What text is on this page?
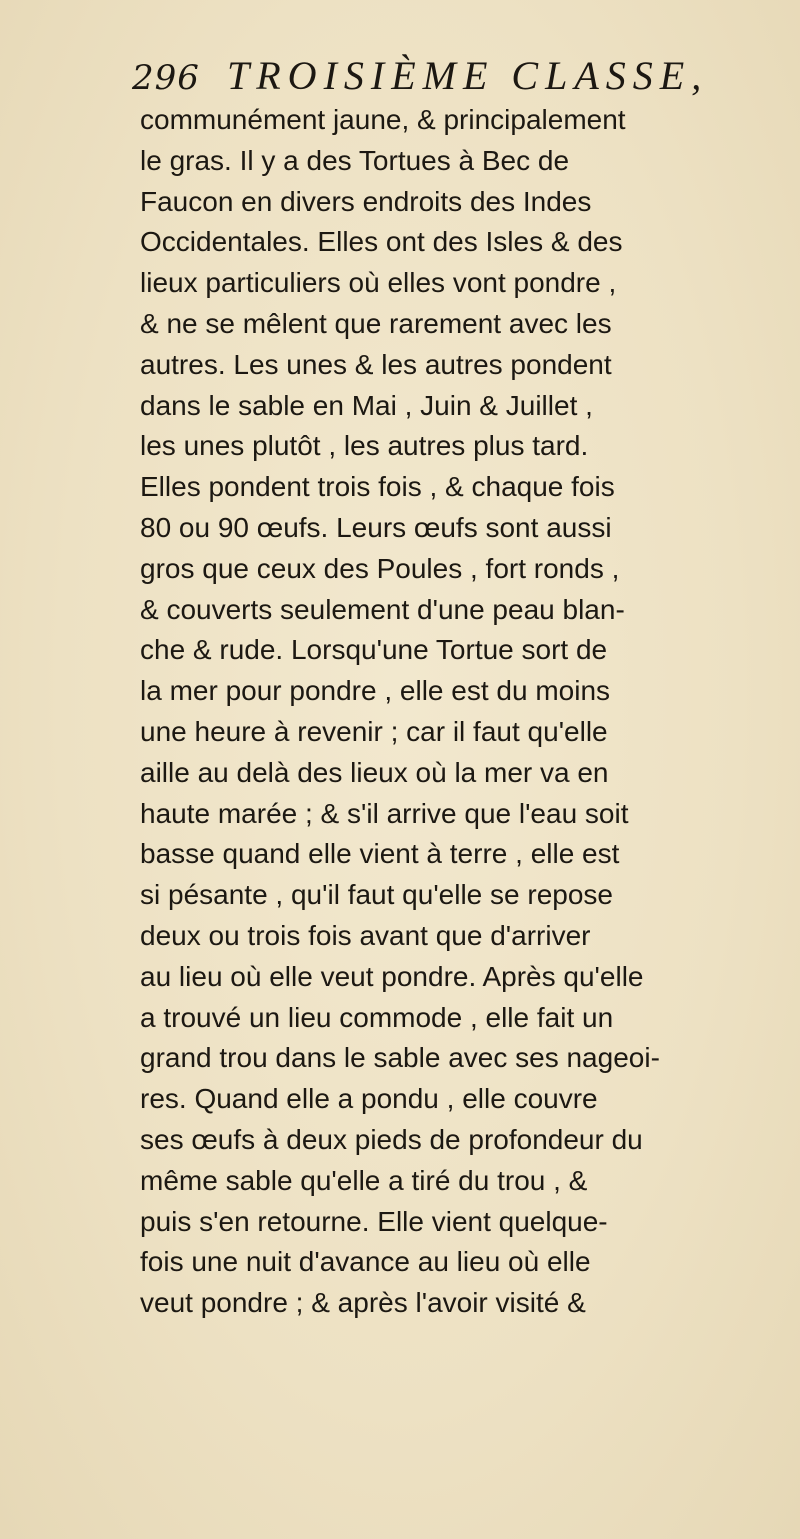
296 TROISIÈME CLASSE,
communément jaune, & principalement
le gras. Il y a des Tortues à Bec de
Faucon en divers endroits des Indes
Occidentales. Elles ont des Isles & des
lieux particuliers où elles vont pondre ,
& ne se mêlent que rarement avec les
autres. Les unes & les autres pondent
dans le sable en Mai , Juin & Juillet ,
les unes plutôt , les autres plus tard.
Elles pondent trois fois , & chaque fois
80 ou 90 œufs. Leurs œufs sont aussi
gros que ceux des Poules , fort ronds ,
& couverts seulement d'une peau blan-
che & rude. Lorsqu'une Tortue sort de
la mer pour pondre , elle est du moins
une heure à revenir ; car il faut qu'elle
aille au delà des lieux où la mer va en
haute marée ; & s'il arrive que l'eau soit
basse quand elle vient à terre , elle est
si pésante , qu'il faut qu'elle se repose
deux ou trois fois avant que d'arriver
au lieu où elle veut pondre. Après qu'elle
a trouvé un lieu commode , elle fait un
grand trou dans le sable avec ses nageoi-
res. Quand elle a pondu , elle couvre
ses œufs à deux pieds de profondeur du
même sable qu'elle a tiré du trou , &
puis s'en retourne. Elle vient quelque-
fois une nuit d'avance au lieu où elle
veut pondre ; & après l'avoir visité &
